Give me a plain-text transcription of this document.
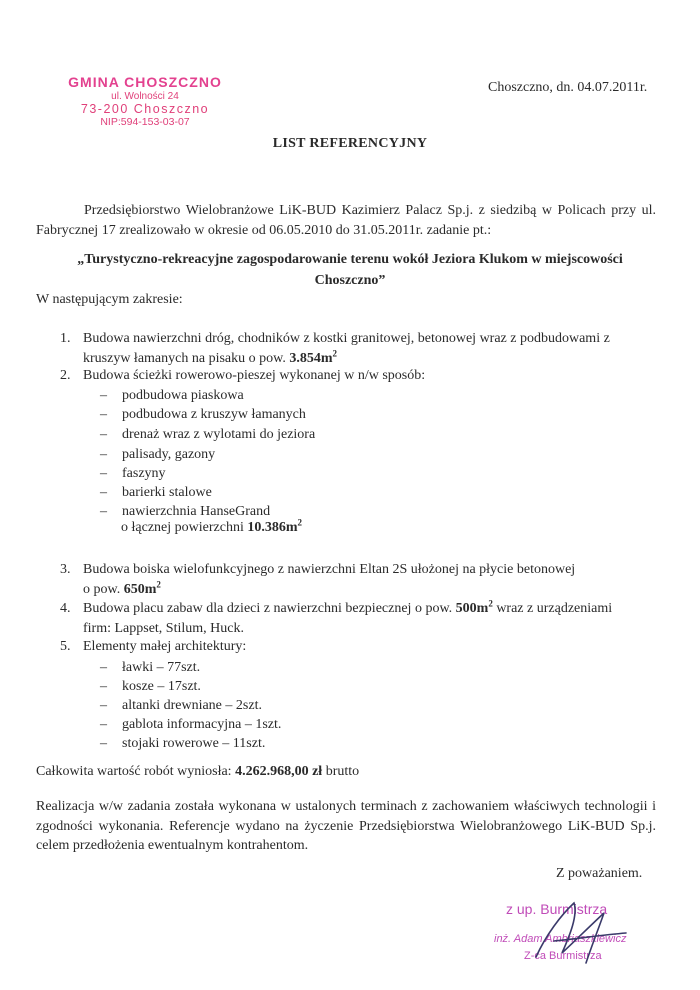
GMINA CHOSZCZNO
ul. Wolności 24
73-200 Choszczno
NIP:594-153-03-07
Choszczno, dn. 04.07.2011r.
LIST REFERENCYJNY
Przedsiębiorstwo Wielobranżowe LiK-BUD Kazimierz Palacz Sp.j. z siedzibą w Policach przy ul. Fabrycznej 17 zrealizowało w okresie od 06.05.2010 do 31.05.2011r. zadanie pt.:
„Turystyczno-rekreacyjne zagospodarowanie terenu wokół Jeziora Klukom w miejscowości Choszczno”
W następującym zakresie:
1. Budowa nawierzchni dróg, chodników z kostki granitowej, betonowej wraz z podbudowami z kruszyw łamanych na pisaku o pow. $3.854m^2$
2. Budowa ścieżki rowerowo-pieszej wykonanej w n/w sposób:
– podbudowa piaskowa
– podbudowa z kruszyw łamanych
– drenaż wraz z wylotami do jeziora
– palisady, gazony
– faszyny
– barierki stalowe
– nawierzchnia HanseGrand
o łącznej powierzchni $10.386m^2$
3. Budowa boiska wielofunkcyjnego z nawierzchni Eltan 2S ułożonej na płycie betonowej
o pow. $650m^2$
4. Budowa placu zabaw dla dzieci z nawierzchni bezpiecznej o pow. $500m^2$ wraz z urządzeniami
firm: Lappset, Stilum, Huck.
5. Elementy małej architektury:
– ławki – 77szt.
– kosze – 17szt.
– altanki drewniane – 2szt.
– gablota informacyjna – 1szt.
– stojaki rowerowe – 11szt.
Całkowita wartość robót wyniosła: 4.262.968,00 zł brutto
Realizacja w/w zadania została wykonana w ustalonych terminach z zachowaniem właściwych technologii i zgodności wykonania. Referencje wydano na życzenie Przedsiębiorstwa Wielobranżowego LiK-BUD Sp.j. celem przedłożenia ewentualnym kontrahentom.
Z poważaniem.
z up. Burmistrza
inż. Adam Ambriaszkiewicz
Z-ca Burmistrza
